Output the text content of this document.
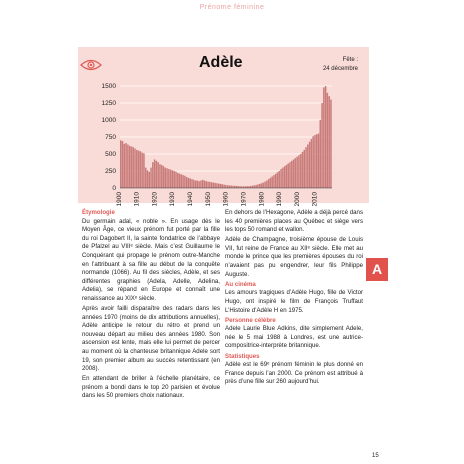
Prénome féminine
Adèle	Fête :
24 décembre
0
250
500
750
1000
1250
1500
1900 1910 1920 1930 1940 1950 1960 1970 1980 1990 2000 2010
Étymologie

Du germain adal, « noble ». En usage dès le Moyen Âge, ce vieux prénom fut porté par la fille du roi Dagobert II, la sainte fondatrice de l’abbaye de Pfalzel au VIIIᵉ siècle. Mais c’est Guillaume le Conquérant qui propage le prénom outre-Manche en l’attribuant à sa fille au début de la conquête normande (1066). Au fil des siècles, Adèle, et ses différentes graphies (Adela, Adelle, Adelina, Adelia), se répand en Europe et connaît une renaissance au XIXᵉ siècle.

Après avoir failli disparaître des radars dans les années 1970 (moins de dix attributions annuelles), Adèle anticipe le retour du rétro et prend un nouveau départ au milieu des années 1980. Son ascension est lente, mais elle lui permet de percer au moment où la chanteuse britannique Adele sort 19, son premier album au succès retentissant (en 2008).

En attendant de briller à l’échelle planétaire, ce prénom a bondi dans le top 20 parisien et évolue dans les 50 premiers choix nationaux.

En dehors de l’Hexagone, Adèle a déjà percé dans les 40 premières places au Québec et siège vers les tops 50 romand et wallon.

Adèle de Champagne, troisième épouse de Louis VII, fut reine de France au XIIᵉ siècle. Elle met au monde le prince que les premières épouses du roi n’avaient pas pu engendrer, leur fils Philippe Auguste.

Au cinéma

Les amours tragiques d’Adèle Hugo, fille de Victor Hugo, ont inspiré le film de François Truffaut L’Histoire d’Adèle H en 1975.

Personne célèbre

Adele Laurie Blue Adkins, dite simplement Adele, née le 5 mai 1988 à Londres, est une autrice-compositrice-interprète britannique.

Statistiques

Adèle est le 69ᵉ prénom féminin le plus donné en France depuis l’an 2000. Ce prénom est attribué à près d’une fille sur 260 aujourd’hui.

A
15
